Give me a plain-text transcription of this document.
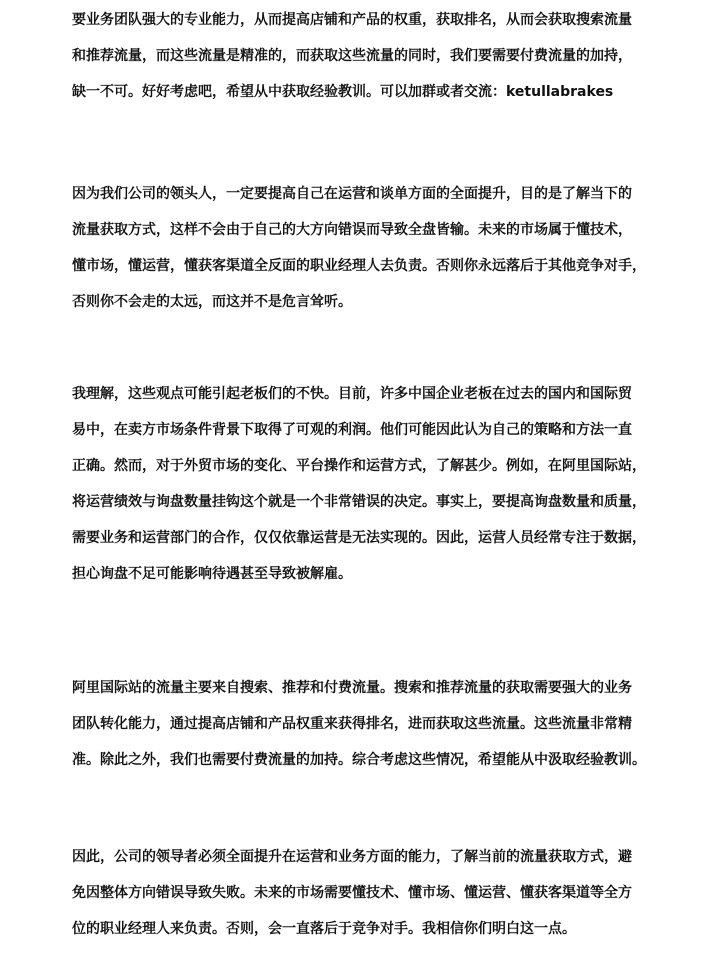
要业务团队强大的专业能力，从而提高店铺和产品的权重，获取排名，从而会获取搜索流量
和推荐流量，而这些流量是精准的，而获取这些流量的同时，我们要需要付费流量的加持，
缺一不可。好好考虑吧，希望从中获取经验教训。可以加群或者交流：ketullabrakes
因为我们公司的领头人，一定要提高自己在运营和谈单方面的全面提升，目的是了解当下的
流量获取方式，这样不会由于自己的大方向错误而导致全盘皆输。未来的市场属于懂技术，
懂市场，懂运营，懂获客渠道全反面的职业经理人去负责。否则你永远落后于其他竞争对手，
否则你不会走的太远，而这并不是危言耸听。
我理解，这些观点可能引起老板们的不快。目前，许多中国企业老板在过去的国内和国际贸
易中，在卖方市场条件背景下取得了可观的利润。他们可能因此认为自己的策略和方法一直
正确。然而，对于外贸市场的变化、平台操作和运营方式，了解甚少。例如，在阿里国际站，
将运营绩效与询盘数量挂钩这个就是一个非常错误的决定。事实上，要提高询盘数量和质量，
需要业务和运营部门的合作，仅仅依靠运营是无法实现的。因此，运营人员经常专注于数据，
担心询盘不足可能影响待遇甚至导致被解雇。
阿里国际站的流量主要来自搜索、推荐和付费流量。搜索和推荐流量的获取需要强大的业务
团队转化能力，通过提高店铺和产品权重来获得排名，进而获取这些流量。这些流量非常精
准。除此之外，我们也需要付费流量的加持。综合考虑这些情况，希望能从中汲取经验教训。
因此，公司的领导者必须全面提升在运营和业务方面的能力，了解当前的流量获取方式，避
免因整体方向错误导致失败。未来的市场需要懂技术、懂市场、懂运营、懂获客渠道等全方
位的职业经理人来负责。否则，会一直落后于竞争对手。我相信你们明白这一点。
